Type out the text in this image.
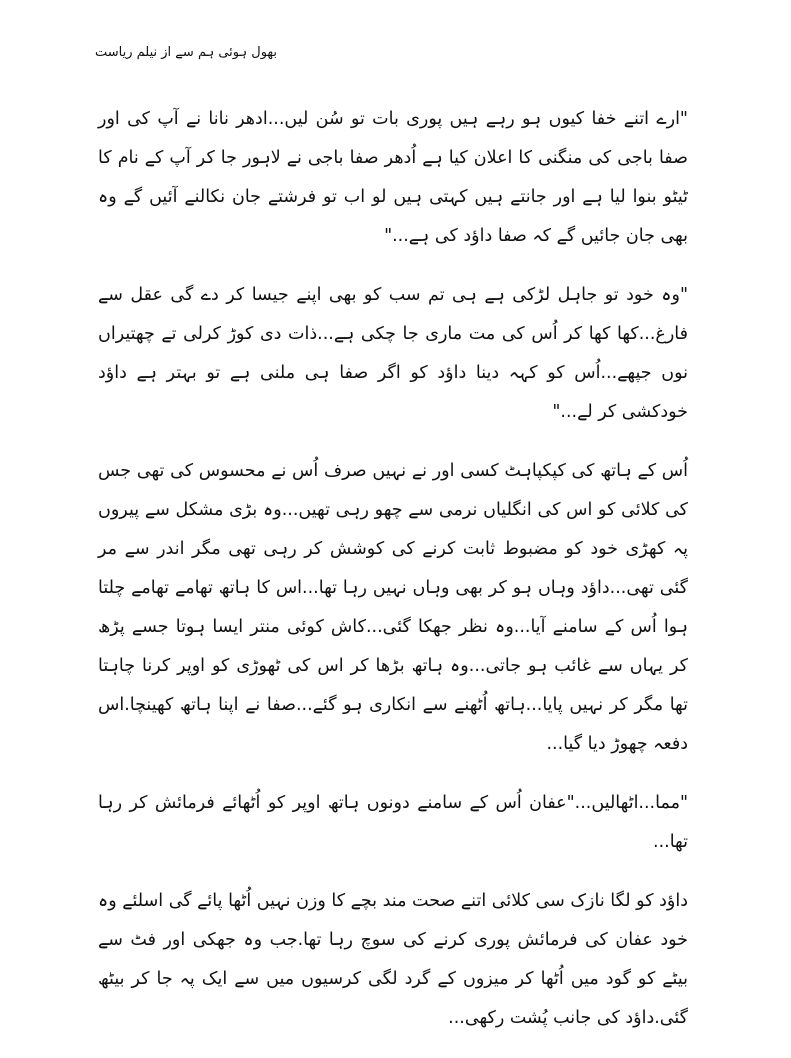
بھول ہوئی ہم سے از نیلم ریاست

"ارے اتنے خفا کیوں ہو رہے ہیں پوری بات تو سُن لیں...ادھر نانا نے آپ کی اور صفا باجی کی منگنی کا اعلان کیا ہے اُدھر صفا باجی نے لاہور جا کر آپ کے نام کا ٹیٹو بنوا لیا ہے اور جانتے ہیں کہتی ہیں لو اب تو فرشتے جان نکالنے آئیں گے وہ بھی جان جائیں گے کہ صفا داؤد کی ہے..."

"وہ خود تو جاہل لڑکی ہے ہی تم سب کو بھی اپنے جیسا کر دے گی عقل سے فارغ...کھا کھا کر اُس کی مت ماری جا چکی ہے...ذات دی کوڑ کرلی تے چھتیراں نوں جپھے...اُس کو کہہ دینا داؤد کو اگر صفا ہی ملنی ہے تو بہتر ہے داؤد خودکشی کر لے..."

اُس کے ہاتھ کی کپکپاہٹ کسی اور نے نہیں صرف اُس نے محسوس کی تھی جس کی کلائی کو اس کی انگلیاں نرمی سے چھو رہی تھیں...وہ بڑی مشکل سے پیروں پہ کھڑی خود کو مضبوط ثابت کرنے کی کوشش کر رہی تھی مگر اندر سے مر گئی تھی...داؤد وہاں ہو کر بھی وہاں نہیں رہا تھا...اس کا ہاتھ تھامے تھامے چلتا ہوا اُس کے سامنے آیا...وہ نظر جھکا گئی...کاش کوئی منتر ایسا ہوتا جسے پڑھ کر یہاں سے غائب ہو جاتی...وہ ہاتھ بڑھا کر اس کی ٹھوڑی کو اوپر کرنا چاہتا تھا مگر کر نہیں پایا...ہاتھ اُٹھنے سے انکاری ہو گئے...صفا نے اپنا ہاتھ کھینچا.اس دفعہ چھوڑ دیا گیا...

"مما...اٹھالیں..."عفان اُس کے سامنے دونوں ہاتھ اوپر کو اُٹھائے فرمائش کر رہا تھا...

داؤد کو لگا نازک سی کلائی اتنے صحت مند بچے کا وزن نہیں اُٹھا پائے گی اسلئے وہ خود عفان کی فرمائش پوری کرنے کی سوچ رہا تھا.جب وہ جھکی اور فٹ سے بیٹے کو گود میں اُٹھا کر میزوں کے گرد لگی کرسیوں میں سے ایک پہ جا کر بیٹھ گئی.داؤد کی جانب پُشت رکھی...
